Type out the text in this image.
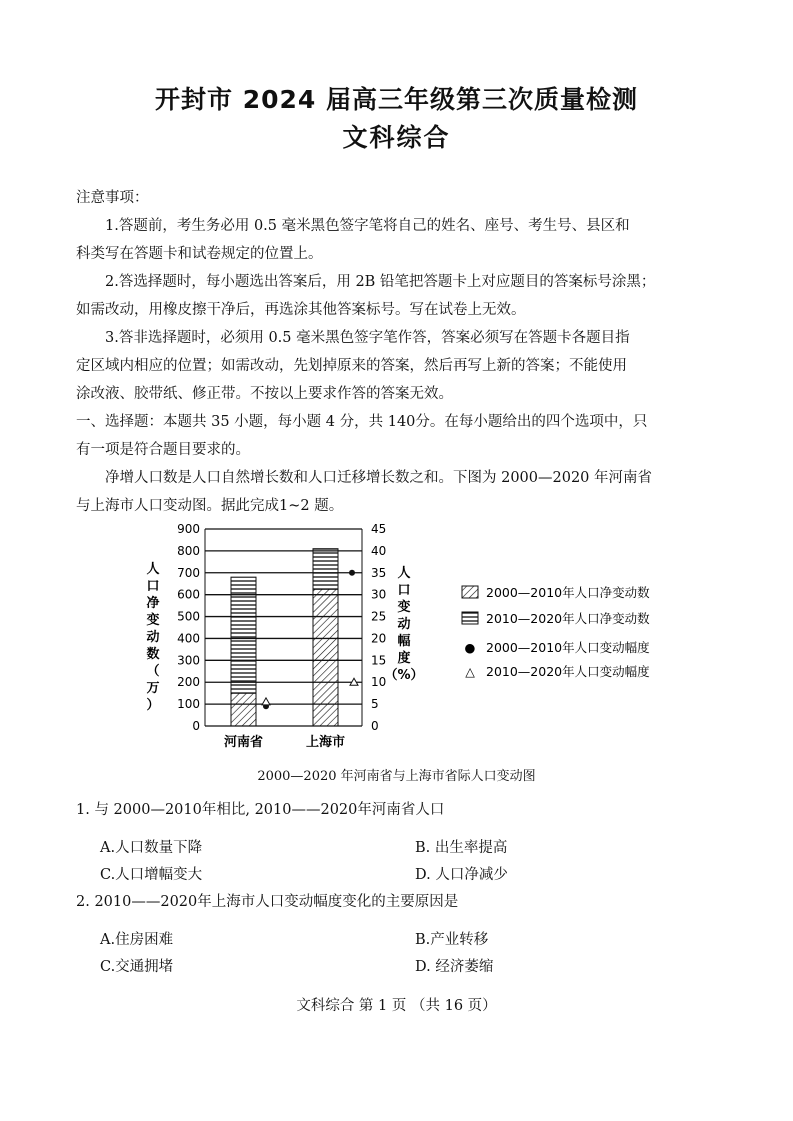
开封市 2024 届高三年级第三次质量检测
文科综合
注意事项：
1.答题前，考生务必用 0.5 毫米黑色签字笔将自己的姓名、座号、考生号、县区和
科类写在答题卡和试卷规定的位置上。
2.答选择题时，每小题选出答案后，用 2B 铅笔把答题卡上对应题目的答案标号涂黑；
如需改动，用橡皮擦干净后，再选涂其他答案标号。写在试卷上无效。
3.答非选择题时，必须用 0.5 毫米黑色签字笔作答，答案必须写在答题卡各题目指
定区域内相应的位置；如需改动，先划掉原来的答案，然后再写上新的答案；不能使用
涂改液、胶带纸、修正带。不按以上要求作答的答案无效。
一、选择题：本题共 35 小题，每小题 4 分，共 140分。在每小题给出的四个选项中，只
有一项是符合题目要求的。
净增人口数是人口自然增长数和人口迁移增长数之和。下图为 2000—2020 年河南省
与上海市人口变动图。据此完成1~2 题。
900
800
700
600
500
400
300
200
100
0
45
40
35
30
25
20
15
10
5
0
河南省	上海市
人
口
净
变
动
数
（
万
）
人
口
变
动
幅
度
（%）
2000—2010年人口净变动数
2010—2020年人口净变动数
● 2000—2010年人口变动幅度
△ 2010—2020年人口变动幅度
2000—2020 年河南省与上海市省际人口变动图
1. 与 2000—2010年相比, 2010——2020年河南省人口
A.人口数量下降	B. 出生率提高
C.人口增幅变大	D. 人口净减少
2. 2010——2020年上海市人口变动幅度变化的主要原因是
A.住房困难	B.产业转移
C.交通拥堵	D. 经济萎缩
文科综合 第 1 页 （共 16 页）
